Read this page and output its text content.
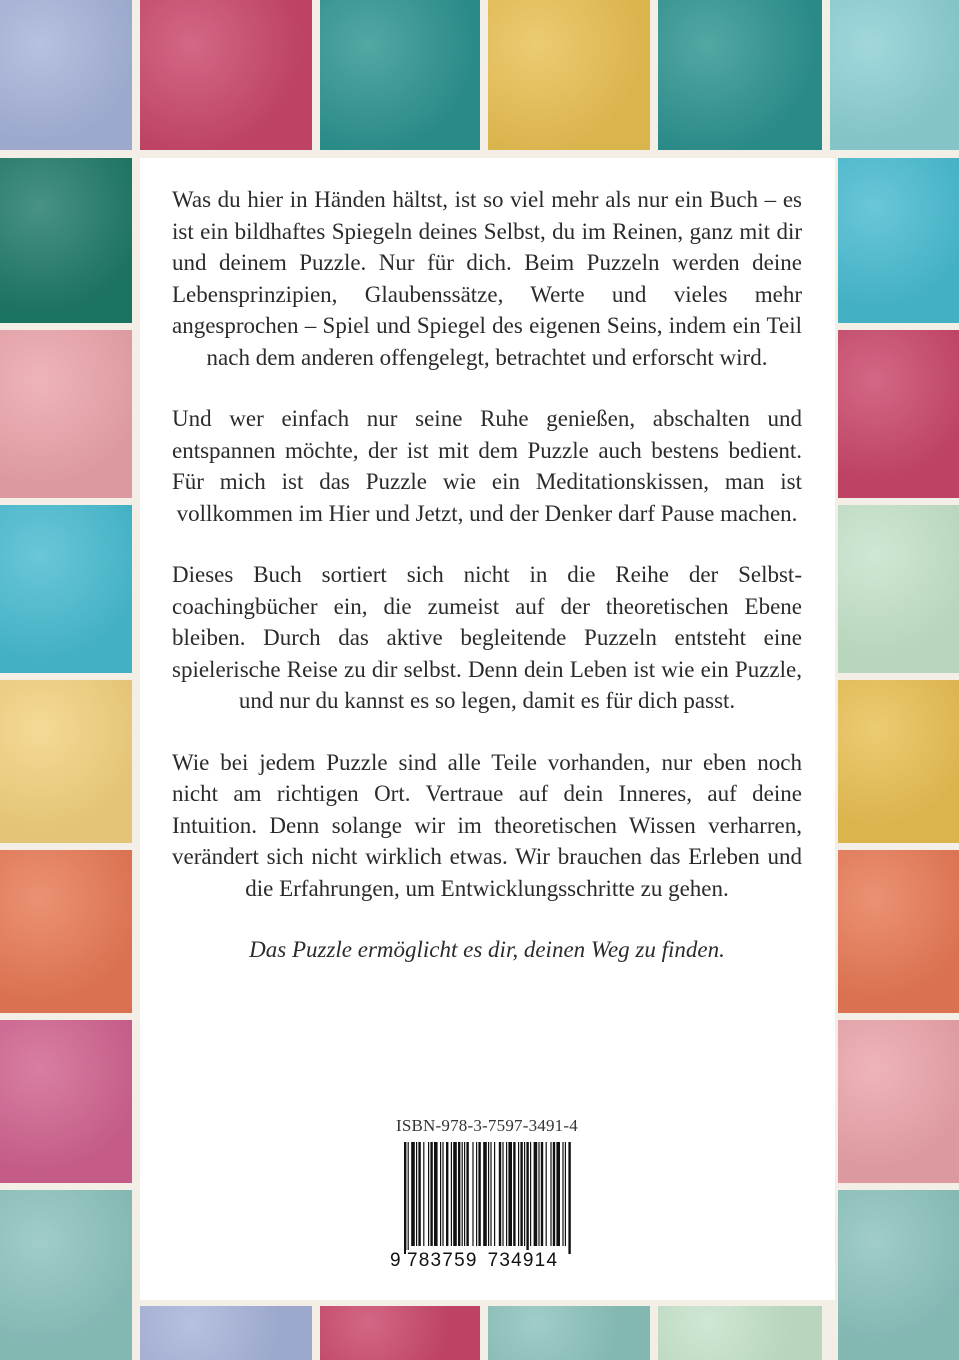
Was du hier in Händen hältst, ist so viel mehr als nur ein Buch – es ist ein bildhaftes Spiegeln deines Selbst, du im Reinen, ganz mit dir und deinem Puzzle. Nur für dich. Beim Puzzeln werden deine Lebensprinzipien, Glaubenssätze, Werte und vieles mehr angesprochen – Spiel und Spiegel des eigenen Seins, indem ein Teil nach dem anderen offengelegt, betrachtet und erforscht wird.

Und wer einfach nur seine Ruhe genießen, abschalten und entspannen möchte, der ist mit dem Puzzle auch bestens bedient. Für mich ist das Puzzle wie ein Meditationskissen, man ist vollkommen im Hier und Jetzt, und der Denker darf Pause machen.

Dieses Buch sortiert sich nicht in die Reihe der Selbstcoachingbücher ein, die zumeist auf der theoretischen Ebene bleiben. Durch das aktive begleitende Puzzeln entsteht eine spielerische Reise zu dir selbst. Denn dein Leben ist wie ein Puzzle, und nur du kannst es so legen, damit es für dich passt.

Wie bei jedem Puzzle sind alle Teile vorhanden, nur eben noch nicht am richtigen Ort. Vertraue auf dein Inneres, auf deine Intuition. Denn solange wir im theoretischen Wissen verharren, verändert sich nicht wirklich etwas. Wir brauchen das Erleben und die Erfahrungen, um Entwicklungsschritte zu gehen.

Das Puzzle ermöglicht es dir, deinen Weg zu finden.

ISBN-978-3-7597-3491-4
9 783759 734914
